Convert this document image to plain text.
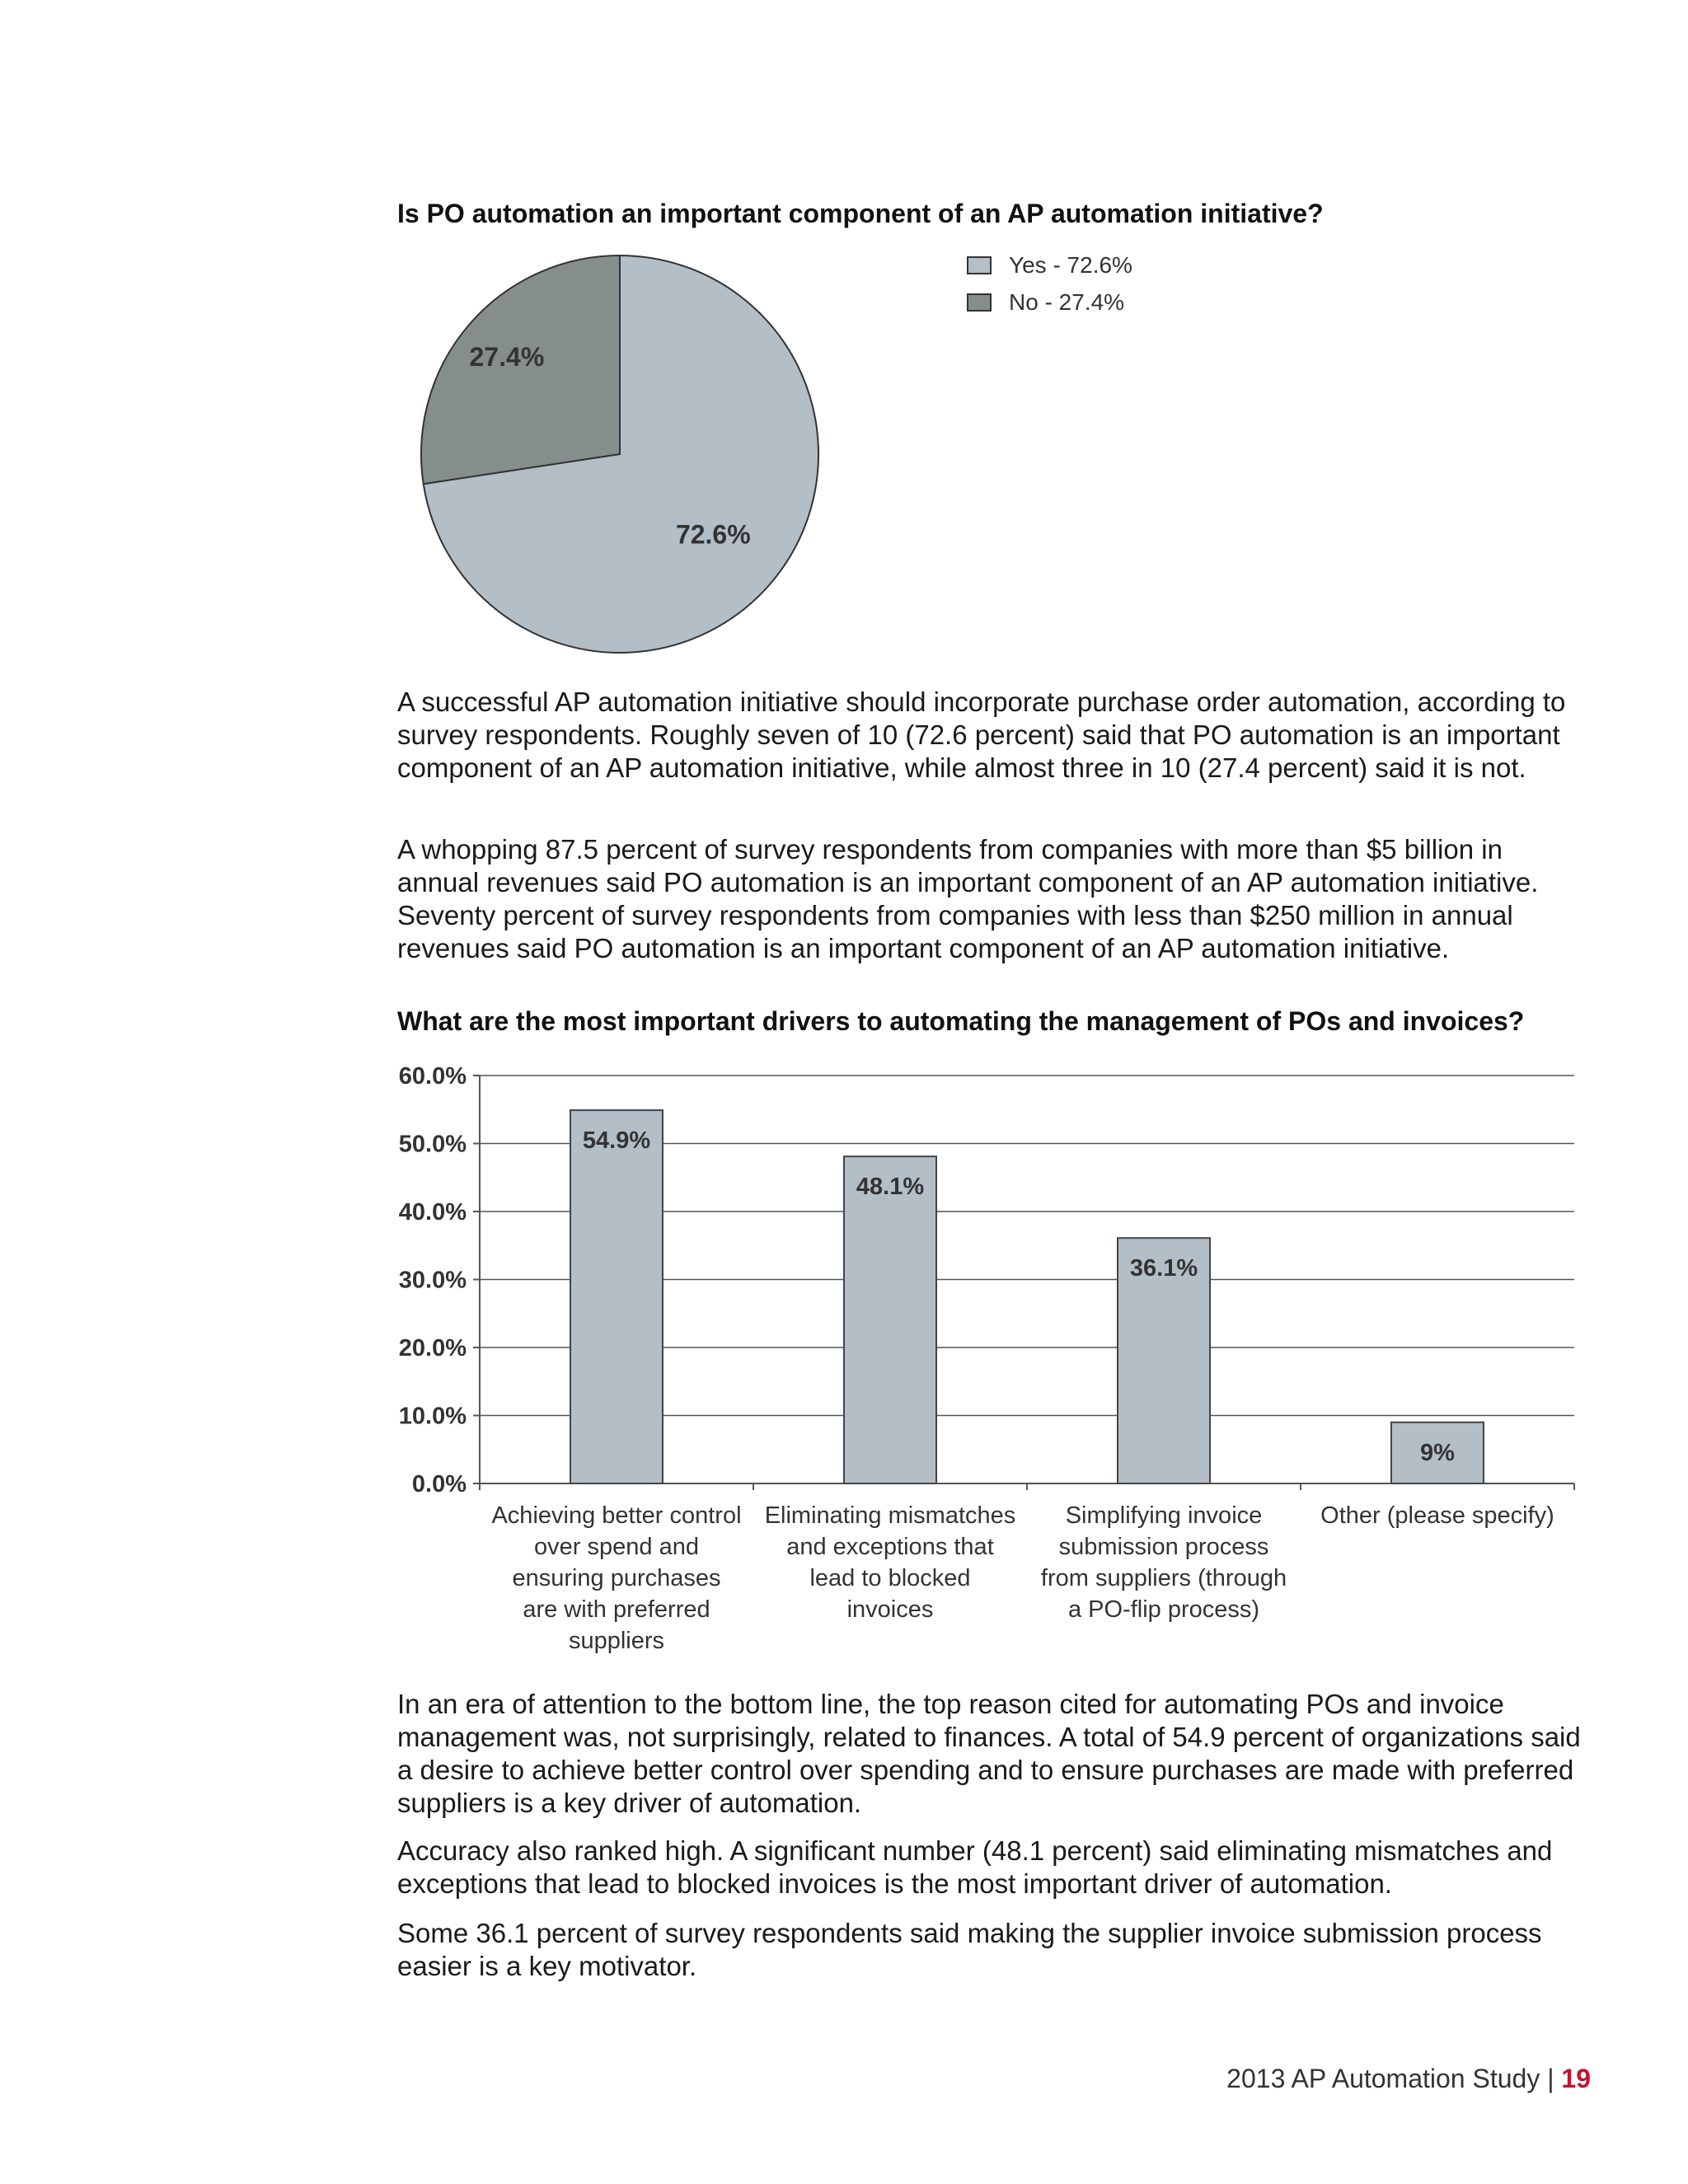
Is PO automation an important component of an AP automation initiative?
72.6%
27.4%
Yes - 72.6%
No - 27.4%

A successful AP automation initiative should incorporate purchase order automation, according to survey respondents. Roughly seven of 10 (72.6 percent) said that PO automation is an important component of an AP automation initiative, while almost three in 10 (27.4 percent) said it is not.

A whopping 87.5 percent of survey respondents from companies with more than $5 billion in annual revenues said PO automation is an important component of an AP automation initiative. Seventy percent of survey respondents from companies with less than $250 million in annual revenues said PO automation is an important component of an AP automation initiative.

What are the most important drivers to automating the management of POs and invoices?
0.0%
10.0%
20.0%
30.0%
40.0%
50.0%
60.0%
54.9%
Achieving better control over spend and ensuring purchases are with preferred suppliers
48.1%
Eliminating mismatches and exceptions that lead to blocked invoices
36.1%
Simplifying invoice submission process from suppliers (through a PO-flip process)
9%
Other (please specify)

In an era of attention to the bottom line, the top reason cited for automating POs and invoice management was, not surprisingly, related to finances. A total of 54.9 percent of organizations said a desire to achieve better control over spending and to ensure purchases are made with preferred suppliers is a key driver of automation.

Accuracy also ranked high. A significant number (48.1 percent) said eliminating mismatches and exceptions that lead to blocked invoices is the most important driver of automation.

Some 36.1 percent of survey respondents said making the supplier invoice submission process easier is a key motivator.

2013 AP Automation Study | 19
